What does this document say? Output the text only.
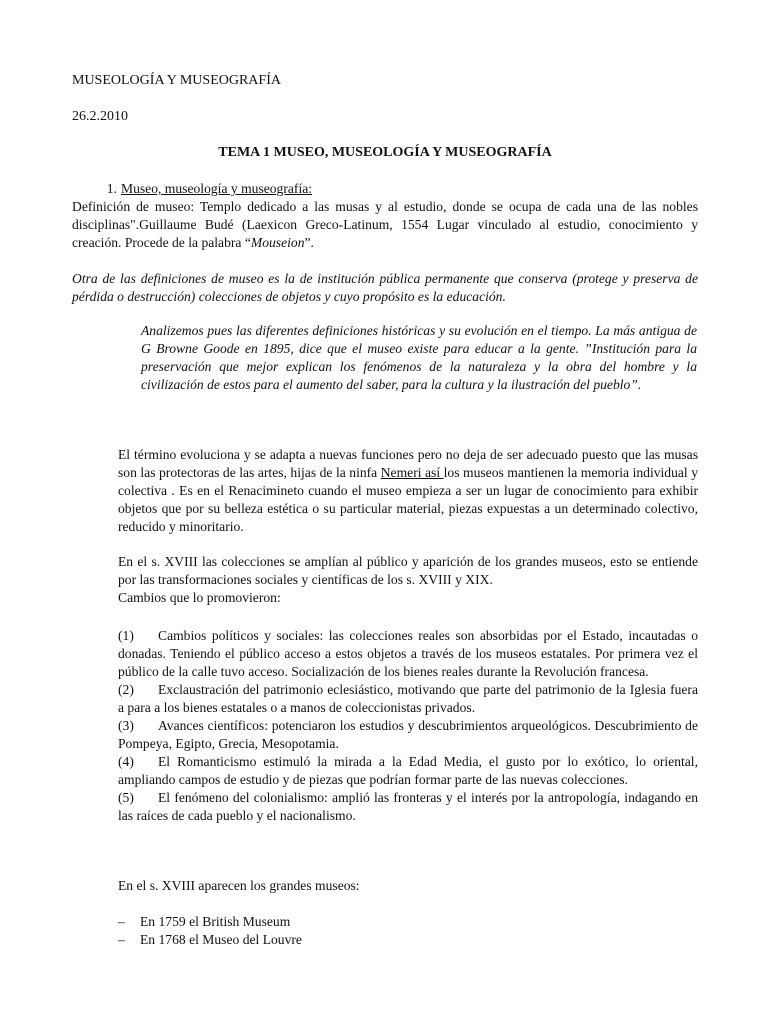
MUSEOLOGÍA Y MUSEOGRAFÍA
26.2.2010
TEMA 1 MUSEO, MUSEOLOGÍA Y MUSEOGRAFÍA
1. Museo, museología y museografía:
Definición de museo: Templo dedicado a las musas y al estudio, donde se ocupa de cada una de las nobles disciplinas".Guillaume Budé (Laexicon Greco-Latinum, 1554 Lugar vinculado al estudio, conocimiento y creación. Procede de la palabra “Mouseion”.
Otra de las definiciones de museo es la de institución pública permanente que conserva (protege y preserva de pérdida o destrucción) colecciones de objetos y cuyo propósito es la educación.
Analizemos pues las diferentes definiciones históricas y su evolución en el tiempo. La más antigua de G Browne Goode en 1895, dice que el museo existe para educar a la gente. ”Institución para la preservación que mejor explican los fenómenos de la naturaleza y la obra del hombre y la civilización de estos para el aumento del saber, para la cultura y la ilustración del pueblo”.
El término evoluciona y se adapta a nuevas funciones pero no deja de ser adecuado puesto que las musas son las protectoras de las artes, hijas de la ninfa Nemeri así los museos mantienen la memoria individual y colectiva . Es en el Renacimineto cuando el museo empieza a ser un lugar de conocimiento para exhibir objetos que por su belleza estética o su particular material, piezas expuestas a un determinado colectivo, reducido y minoritario.
En el s. XVIII las colecciones se amplían al público y aparición de los grandes museos, esto se entiende por las transformaciones sociales y científicas de los s. XVIII y XIX.
Cambios que lo promovieron:
(1) Cambios políticos y sociales: las colecciones reales son absorbidas por el Estado, incautadas o donadas. Teniendo el público acceso a estos objetos a través de los museos estatales. Por primera vez el público de la calle tuvo acceso. Socialización de los bienes reales durante la Revolución francesa.
(2) Exclaustración del patrimonio eclesiástico, motivando que parte del patrimonio de la Iglesia fuera a para a los bienes estatales o a manos de coleccionistas privados.
(3) Avances científicos: potenciaron los estudios y descubrimientos arqueológicos. Descubrimiento de Pompeya, Egipto, Grecia, Mesopotamia.
(4) El Romanticismo estimuló la mirada a la Edad Media, el gusto por lo exótico, lo oriental, ampliando campos de estudio y de piezas que podrían formar parte de las nuevas colecciones.
(5) El fenómeno del colonialismo: amplió las fronteras y el interés por la antropología, indagando en las raíces de cada pueblo y el nacionalismo.
En el s. XVIII aparecen los grandes museos:
– En 1759 el British Museum
– En 1768 el Museo del Louvre
